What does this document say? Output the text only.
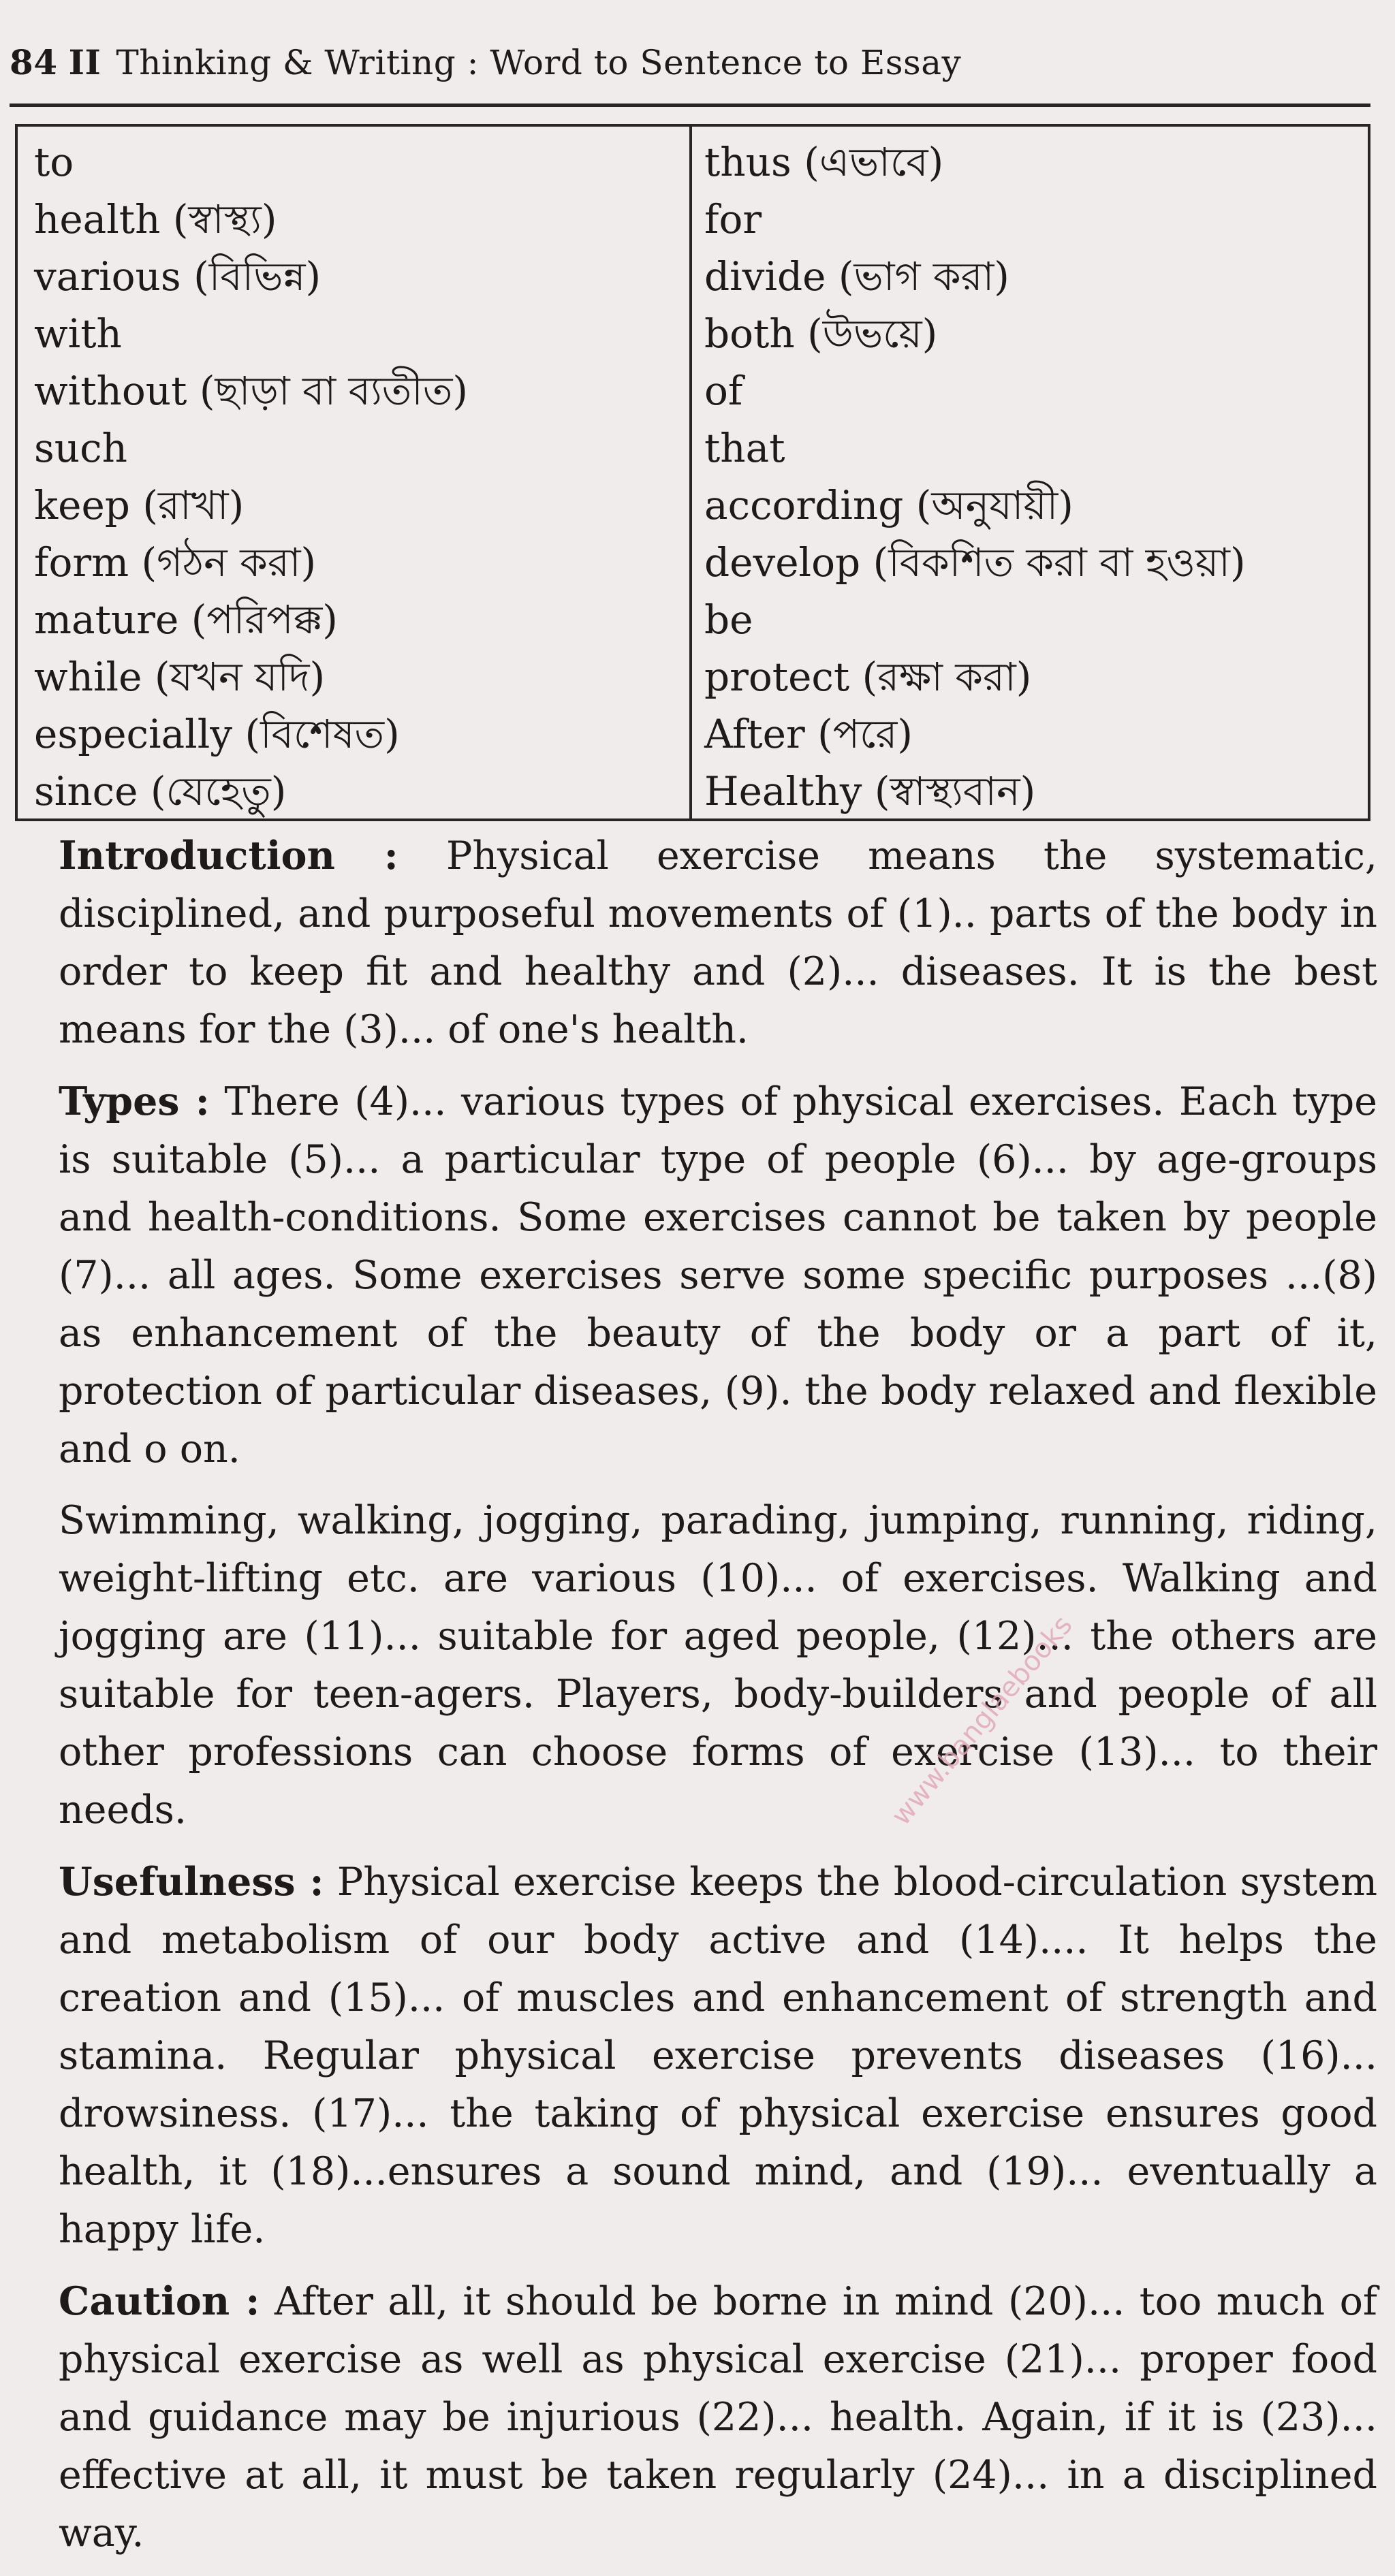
84 II Thinking & Writing : Word to Sentence to Essay
to
health (স্বাস্থ্য)
various (বিভিন্ন)
with
without (ছাড়া বা ব্যতীত)
such
keep (রাখা)
form (গঠন করা)
mature (পরিপক্ক)
while (যখন যদি)
especially (বিশেষত)
since (যেহেতু)
thus (এভাবে)
for
divide (ভাগ করা)
both (উভয়ে)
of
that
according (অনুযায়ী)
develop (বিকশিত করা বা হওয়া)
be
protect (রক্ষা করা)
After (পরে)
Healthy (স্বাস্থ্যবান)

Introduction : Physical exercise means the systematic, disciplined, and purposeful movements of (1).. parts of the body in order to keep fit and healthy and (2)... diseases. It is the best means for the (3)... of one's health.

Types : There (4)... various types of physical exercises. Each type is suitable (5)... a particular type of people (6)... by age-groups and health-conditions. Some exercises cannot be taken by people (7)... all ages. Some exercises serve some specific purposes ...(8) as enhancement of the beauty of the body or a part of it, protection of particular diseases, (9). the body relaxed and flexible and o on.

Swimming, walking, jogging, parading, jumping, running, riding, weight-lifting etc. are various (10)... of exercises. Walking and jogging are (11)... suitable for aged people, (12)... the others are suitable for teen-agers. Players, body-builders and people of all other professions can choose forms of exercise (13)... to their needs.

Usefulness : Physical exercise keeps the blood-circulation system and metabolism of our body active and (14).... It helps the creation and (15)... of muscles and enhancement of strength and stamina. Regular physical exercise prevents diseases (16)... drowsiness. (17)... the taking of physical exercise ensures good health, it (18)...ensures a sound mind, and (19)... eventually a happy life.

Caution : After all, it should be borne in mind (20)... too much of physical exercise as well as physical exercise (21)... proper food and guidance may be injurious (22)... health. Again, if it is (23)... effective at all, it must be taken regularly (24)... in a disciplined way.

www.banglaebooks
